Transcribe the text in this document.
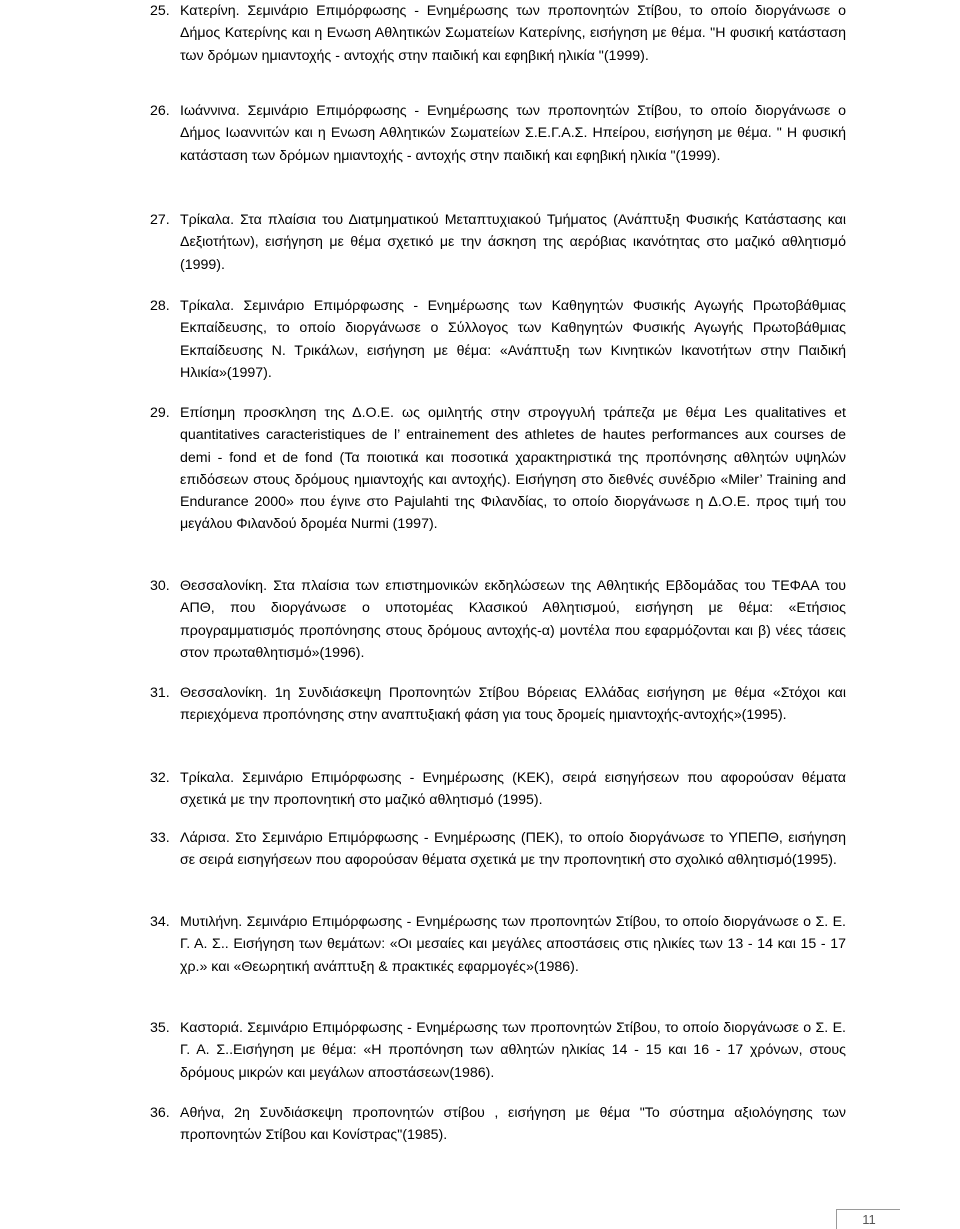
25. Κατερίνη. Σεμινάριο Επιμόρφωσης - Ενημέρωσης των προπονητών Στίβου, το οποίο διοργάνωσε ο Δήμος Κατερίνης και η Ενωση Αθλητικών Σωματείων Κατερίνης, εισήγηση με θέμα. "Η φυσική κατάσταση των δρόμων ημιαντοχής - αντοχής στην παιδική και εφηβική ηλικία "(1999).
26. Ιωάννινα. Σεμινάριο Επιμόρφωσης - Ενημέρωσης των προπονητών Στίβου, το οποίο διοργάνωσε ο Δήμος Ιωαννιτών και η Ενωση Αθλητικών Σωματείων Σ.Ε.Γ.Α.Σ. Ηπείρου, εισήγηση με θέμα. " Η φυσική κατάσταση των δρόμων ημιαντοχής - αντοχής στην παιδική και εφηβική ηλικία "(1999).
27. Τρίκαλα. Στα πλαίσια του Διατμηματικού Μεταπτυχιακού Τμήματος (Ανάπτυξη Φυσικής Κατάστασης και Δεξιοτήτων), εισήγηση με θέμα σχετικό με την άσκηση της αερόβιας ικανότητας στο μαζικό αθλητισμό (1999).
28. Τρίκαλα. Σεμινάριο Επιμόρφωσης - Ενημέρωσης των Καθηγητών Φυσικής Αγωγής Πρωτοβάθμιας Εκπαίδευσης, το οποίο διοργάνωσε ο Σύλλογος των Καθηγητών Φυσικής Αγωγής Πρωτοβάθμιας Εκπαίδευσης Ν. Τρικάλων, εισήγηση με θέμα: «Ανάπτυξη των Κινητικών Ικανοτήτων στην Παιδική Ηλικία»(1997).
29. Επίσημη προσκληση της Δ.Ο.Ε. ως ομιλητής στην στρογγυλή τράπεζα με θέμα Les qualitatives et quantitatives caracteristiques de l’ entrainement des athletes de hautes performances aux courses de demi - fond et de fond (Τα ποιοτικά και ποσοτικά χαρακτηριστικά της προπόνησης αθλητών υψηλών επιδόσεων στους δρόμους ημιαντοχής και αντοχής). Εισήγηση στο διεθνές συνέδριο «Miler’ Training and Endurance 2000» που έγινε στο Pajulahti της Φιλανδίας, το οποίο διοργάνωσε η Δ.Ο.Ε. προς τιμή του μεγάλου Φιλανδού δρομέα Nurmi (1997).
30. Θεσσαλονίκη. Στα πλαίσια των επιστημονικών εκδηλώσεων της Αθλητικής Εβδομάδας του ΤΕΦΑΑ του ΑΠΘ, που διοργάνωσε ο υποτομέας Κλασικού Αθλητισμού, εισήγηση με θέμα: «Ετήσιος προγραμματισμός προπόνησης στους δρόμους αντοχής-α) μοντέλα που εφαρμόζονται και β) νέες τάσεις στον πρωταθλητισμό»(1996).
31. Θεσσαλονίκη. 1η Συνδιάσκεψη Προπονητών Στίβου Βόρειας Ελλάδας εισήγηση με θέμα «Στόχοι και περιεχόμενα προπόνησης στην αναπτυξιακή φάση για τους δρομείς ημιαντοχής-αντοχής»(1995).
32. Τρίκαλα. Σεμινάριο Επιμόρφωσης - Ενημέρωσης (ΚΕΚ), σειρά εισηγήσεων που αφορούσαν θέματα σχετικά με την προπονητική στο μαζικό αθλητισμό (1995).
33. Λάρισα. Στο Σεμινάριο Επιμόρφωσης - Ενημέρωσης (ΠΕΚ), το οποίο διοργάνωσε το ΥΠΕΠΘ, εισήγηση σε σειρά εισηγήσεων που αφορούσαν θέματα σχετικά με την προπονητική στο σχολικό αθλητισμό(1995).
34. Μυτιλήνη. Σεμινάριο Επιμόρφωσης - Ενημέρωσης των προπονητών Στίβου, το οποίο διοργάνωσε ο Σ. Ε. Γ. Α. Σ.. Εισήγηση των θεμάτων: «Οι μεσαίες και μεγάλες αποστάσεις στις ηλικίες των 13 - 14 και 15 - 17 χρ.» και «Θεωρητική ανάπτυξη & πρακτικές εφαρμογές»(1986).
35. Καστοριά. Σεμινάριο Επιμόρφωσης - Ενημέρωσης των προπονητών Στίβου, το οποίο διοργάνωσε ο Σ. Ε. Γ. Α. Σ..Εισήγηση με θέμα: «Η προπόνηση των αθλητών ηλικίας 14 - 15 και 16 - 17 χρόνων, στους δρόμους μικρών και μεγάλων αποστάσεων(1986).
36. Αθήνα, 2η Συνδιάσκεψη προπονητών στίβου , εισήγηση με θέμα "Το σύστημα αξιολόγησης των προπονητών Στίβου και Κονίστρας"(1985).
11
